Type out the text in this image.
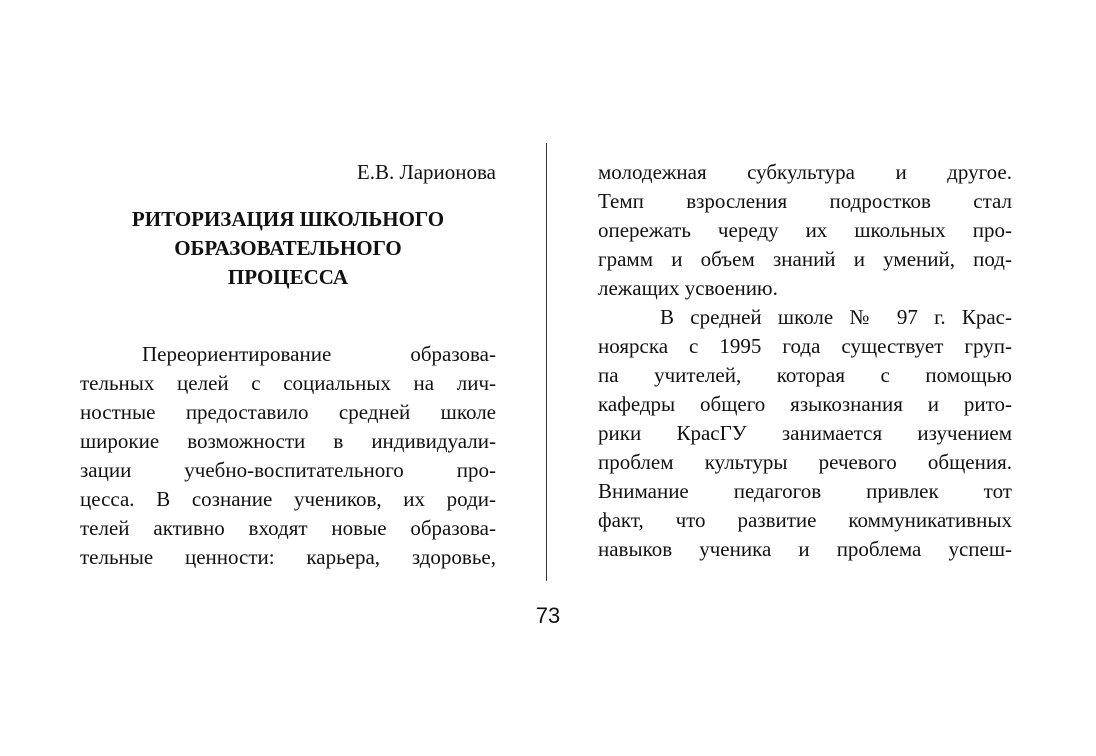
Е.В. Ларионова
РИТОРИЗАЦИЯ ШКОЛЬНОГО
ОБРАЗОВАТЕЛЬНОГО
ПРОЦЕССА
Переориентирование образова-
тельных целей с социальных на лич-
ностные предоставило средней школе
широкие возможности в индивидуали-
зации учебно-воспитательного про-
цесса. В сознание учеников, их роди-
телей активно входят новые образова-
тельные ценности: карьера, здоровье,
молодежная субкультура и другое.
Темп взросления подростков стал
опережать череду их школьных про-
грамм и объем знаний и умений, под-
лежащих усвоению.
В средней школе № 97 г. Крас-
ноярска с 1995 года существует груп-
па учителей, которая с помощью
кафедры общего языкознания и рито-
рики КрасГУ занимается изучением
проблем культуры речевого общения.
Внимание педагогов привлек тот
факт, что развитие коммуникативных
навыков ученика и проблема успеш-
73
